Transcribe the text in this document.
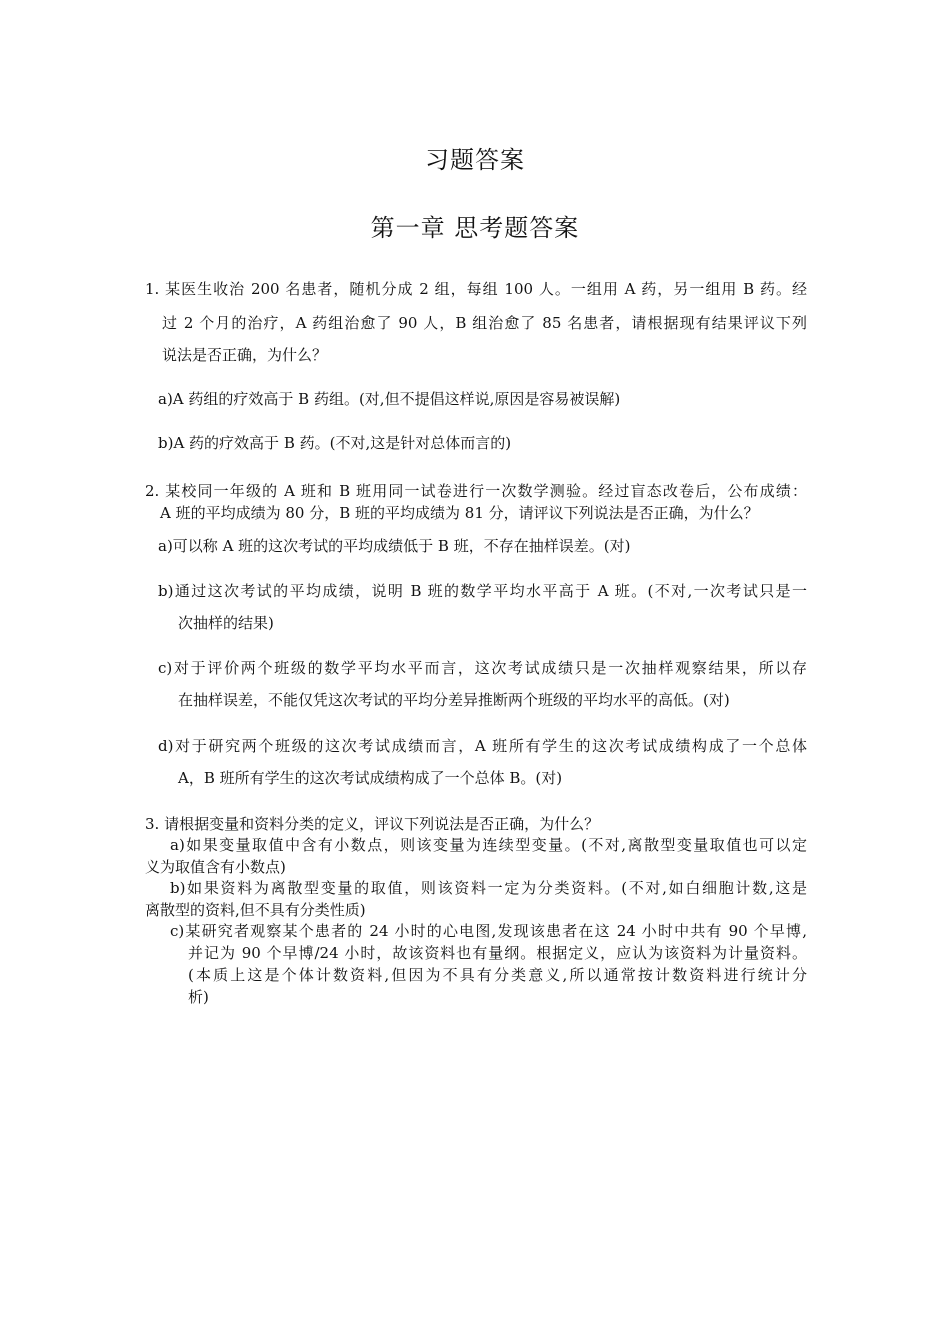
习题答案
第一章 思考题答案
1. 某医生收治 200 名患者，随机分成 2 组，每组 100 人。一组用 A 药，另一组用 B 药。经
过 2 个月的治疗，A 药组治愈了 90 人，B 组治愈了 85 名患者，请根据现有结果评议下列
说法是否正确，为什么？
a)A 药组的疗效高于 B 药组。(对,但不提倡这样说,原因是容易被误解)
b)A 药的疗效高于 B 药。(不对,这是针对总体而言的)
2. 某校同一年级的 A 班和 B 班用同一试卷进行一次数学测验。经过盲态改卷后，公布成绩：
A 班的平均成绩为 80 分，B 班的平均成绩为 81 分，请评议下列说法是否正确，为什么？
a)可以称 A 班的这次考试的平均成绩低于 B 班，不存在抽样误差。(对)
b)通过这次考试的平均成绩，说明 B 班的数学平均水平高于 A 班。(不对,一次考试只是一
次抽样的结果)
c)对于评价两个班级的数学平均水平而言，这次考试成绩只是一次抽样观察结果，所以存
在抽样误差，不能仅凭这次考试的平均分差异推断两个班级的平均水平的高低。(对)
d)对于研究两个班级的这次考试成绩而言，A 班所有学生的这次考试成绩构成了一个总体
A，B 班所有学生的这次考试成绩构成了一个总体 B。(对)
3. 请根据变量和资料分类的定义，评议下列说法是否正确，为什么？
a)如果变量取值中含有小数点，则该变量为连续型变量。(不对,离散型变量取值也可以定
义为取值含有小数点)
b)如果资料为离散型变量的取值，则该资料一定为分类资料。(不对,如白细胞计数,这是
离散型的资料,但不具有分类性质)
c)某研究者观察某个患者的 24 小时的心电图,发现该患者在这 24 小时中共有 90 个早博,
并记为 90 个早博/24 小时，故该资料也有量纲。根据定义，应认为该资料为计量资料。
(本质上这是个体计数资料,但因为不具有分类意义,所以通常按计数资料进行统计分
析)
